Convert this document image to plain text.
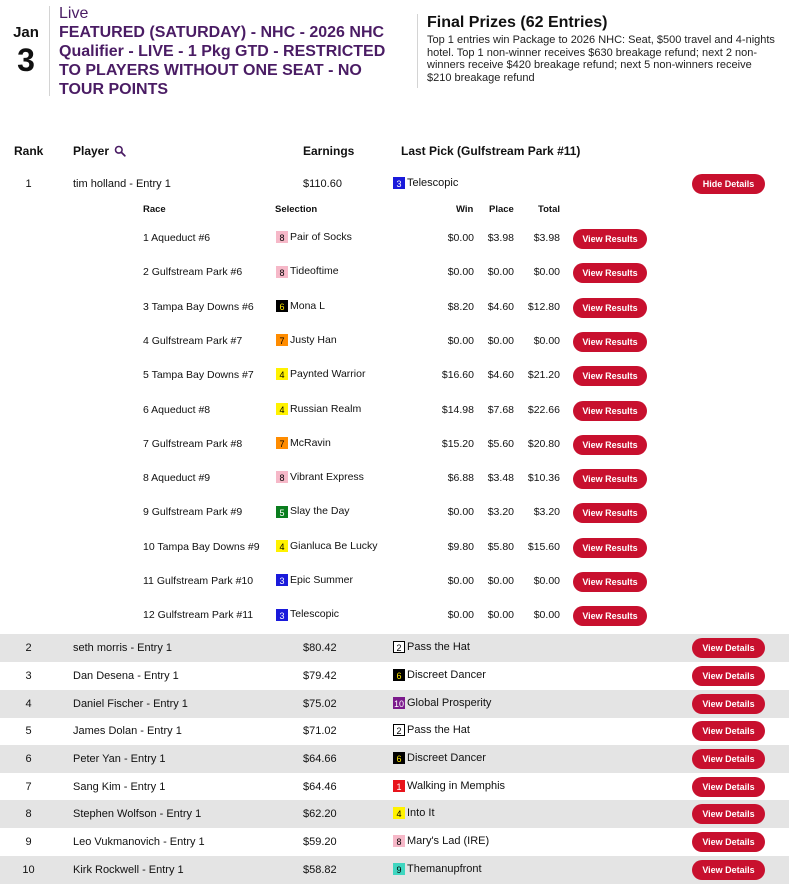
Jan
3
Live
FEATURED (SATURDAY) - NHC - 2026 NHC Qualifier - LIVE - 1 Pkg GTD - RESTRICTED TO PLAYERS WITHOUT ONE SEAT - NO TOUR POINTS
Final Prizes (62 Entries)
Top 1 entries win Package to 2026 NHC: Seat, $500 travel and 4-nights hotel. Top 1 non-winner receives $630 breakage refund; next 2 non-winners receive $420 breakage refund; next 5 non-winners receive $210 breakage refund
Rank Player	Earnings	Last Pick (Gulfstream Park #11)
1	tim holland - Entry 1	$110.60	3 Telescopic	Hide Details
2	seth morris - Entry 1	$80.42	2 Pass the Hat	View Details
3	Dan Desena - Entry 1	$79.42	6 Discreet Dancer	View Details
4	Daniel Fischer - Entry 1	$75.02	10 Global Prosperity	View Details
5	James Dolan - Entry 1	$71.02	2 Pass the Hat	View Details
6	Peter Yan - Entry 1	$64.66	6 Discreet Dancer	View Details
7	Sang Kim - Entry 1	$64.46	1 Walking in Memphis	View Details
8	Stephen Wolfson - Entry 1	$62.20	4 Into It	View Details
9	Leo Vukmanovich - Entry 1	$59.20	8 Mary's Lad (IRE)	View Details
10	Kirk Rockwell - Entry 1	$58.82	9 Themanupfront	View Details
Race	Selection	Win Place	Total
1 Aqueduct #6	8 Pair of Socks	$0.00	$3.98	$3.98	View Results
2 Gulfstream Park #6	8 Tideoftime	$0.00	$0.00	$0.00	View Results
3 Tampa Bay Downs #6	6 Mona L	$8.20	$4.60	$12.80	View Results
4 Gulfstream Park #7	7 Justy Han	$0.00	$0.00	$0.00	View Results
5 Tampa Bay Downs #7	4 Paynted Warrior	$16.60	$4.60	$21.20	View Results
6 Aqueduct #8	4 Russian Realm	$14.98	$7.68	$22.66	View Results
7 Gulfstream Park #8	7 McRavin	$15.20	$5.60	$20.80	View Results
8 Aqueduct #9	8 Vibrant Express	$6.88	$3.48	$10.36	View Results
9 Gulfstream Park #9	5 Slay the Day	$0.00	$3.20	$3.20	View Results
10 Tampa Bay Downs #9	4 Gianluca Be Lucky	$9.80	$5.80	$15.60	View Results
11 Gulfstream Park #10	3 Epic Summer	$0.00	$0.00	$0.00	View Results
12 Gulfstream Park #11	3 Telescopic	$0.00	$0.00	$0.00	View Results
